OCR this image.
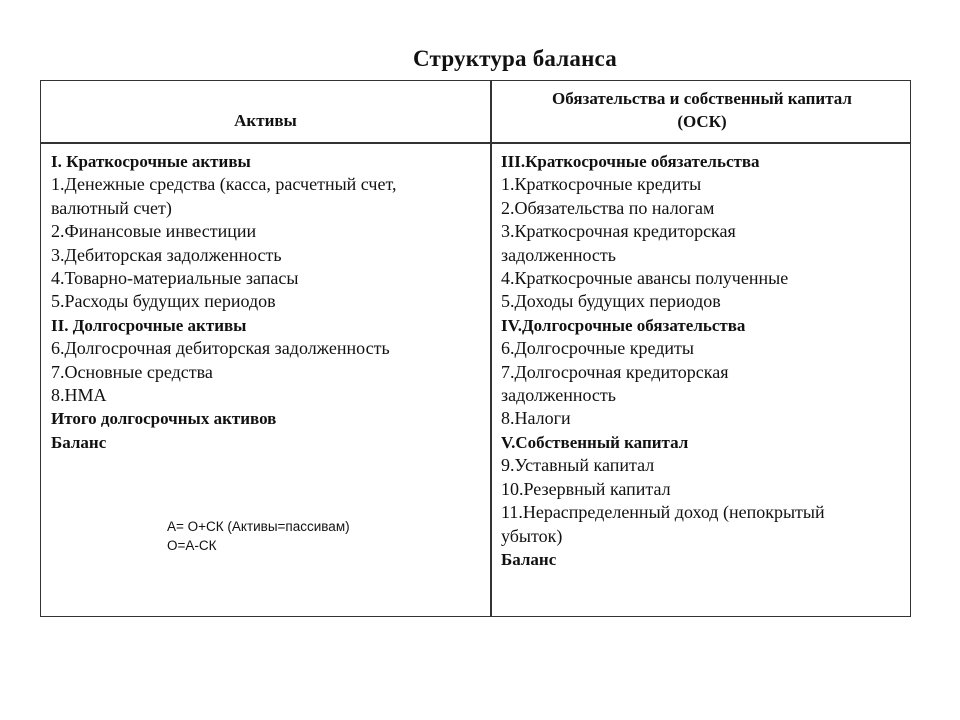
Структура баланса
Активы
Обязательства и собственный капитал
(ОСК)
I. Краткосрочные активы
1.Денежные средства (касса, расчетный счет,
валютный счет)
2.Финансовые инвестиции
3.Дебиторская задолженность
4.Товарно-материальные запасы
5.Расходы будущих периодов
II. Долгосрочные активы
6.Долгосрочная дебиторская задолженность
7.Основные средства
8.НМА
Итого долгосрочных активов
Баланс
III.Краткосрочные обязательства
1.Краткосрочные кредиты
2.Обязательства по налогам
3.Краткосрочная кредиторская
задолженность
4.Краткосрочные авансы полученные
5.Доходы будущих периодов
IV.Долгосрочные обязательства
6.Долгосрочные кредиты
7.Долгосрочная кредиторская
задолженность
8.Налоги
V.Собственный капитал
9.Уставный капитал
10.Резервный капитал
11.Нераспределенный доход (непокрытый
убыток)
Баланс
А= О+СК (Активы=пассивам)
О=А-СК
